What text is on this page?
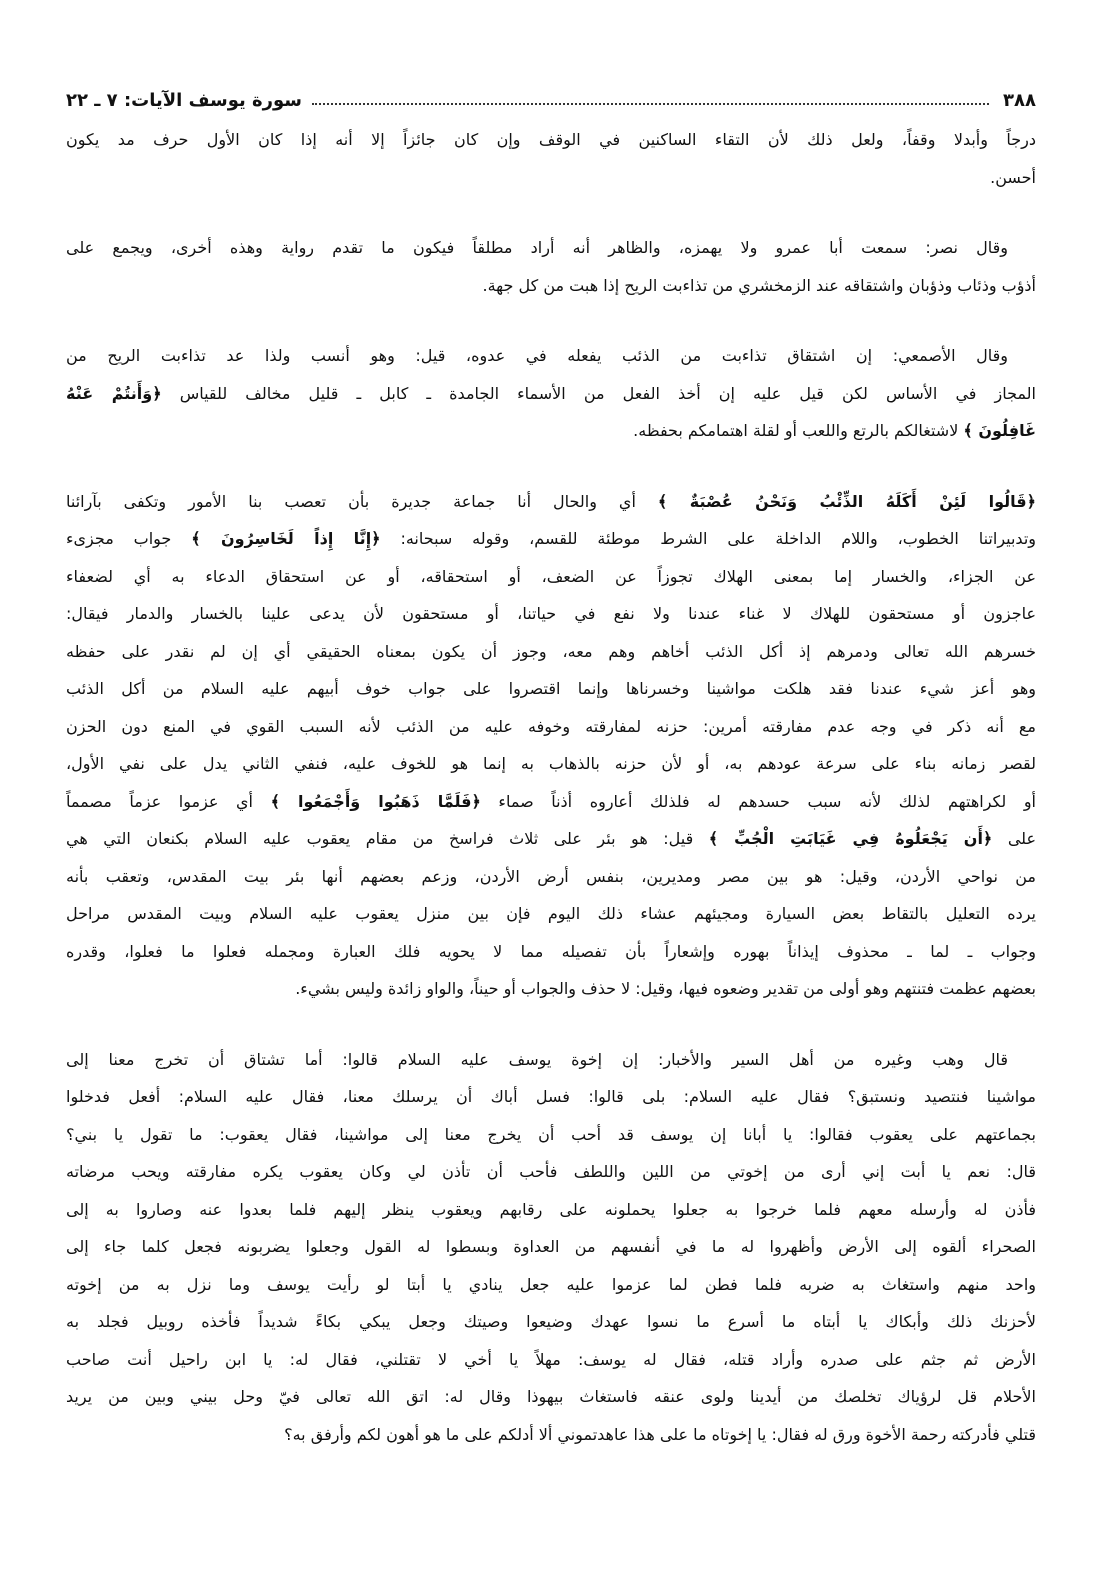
٣٨٨
سورة يوسف الآيات: ٧ ـ ٢٢
درجاً وأبدلا وقفاً، ولعل ذلك لأن التقاء الساكنين في الوقف وإن كان جائزاً إلا أنه إذا كان الأول حرف مد يكون
أحسن.
وقال نصر: سمعت أبا عمرو ولا يهمزه، والظاهر أنه أراد مطلقاً فيكون ما تقدم رواية وهذه أخرى، ويجمع على
أذؤب وذئاب وذؤبان واشتقاقه عند الزمخشري من تذاءبت الريح إذا هبت من كل جهة.
وقال الأصمعي: إن اشتقاق تذاءبت من الذئب يفعله في عدوه، قيل: وهو أنسب ولذا عد تذاءبت الريح من
المجاز في الأساس لكن قيل عليه إن أخذ الفعل من الأسماء الجامدة ـ كابل ـ قليل مخالف للقياس ﴿وَأَنتُمْ عَنْهُ
غَافِلُونَ ﴾ لاشتغالكم بالرتع واللعب أو لقلة اهتمامكم بحفظه.
﴿قَالُوا لَئِنْ أَكَلَهُ الذِّئْبُ وَنَحْنُ عُصْبَةٌ ﴾ أي والحال أنا جماعة جديرة بأن تعصب بنا الأمور وتكفى بآرائنا
وتدبيراتنا الخطوب، واللام الداخلة على الشرط موطئة للقسم، وقوله سبحانه: ﴿إِنَّا إِذاً لَخَاسِرُونَ ﴾ جواب مجزىء
عن الجزاء، والخسار إما بمعنى الهلاك تجوزاً عن الضعف، أو استحقاقه، أو عن استحقاق الدعاء به أي لضعفاء
عاجزون أو مستحقون للهلاك لا غناء عندنا ولا نفع في حياتنا، أو مستحقون لأن يدعى علينا بالخسار والدمار فيقال:
خسرهم الله تعالى ودمرهم إذ أكل الذئب أخاهم وهم معه، وجوز أن يكون بمعناه الحقيقي أي إن لم نقدر على حفظه
وهو أعز شيء عندنا فقد هلكت مواشينا وخسرناها وإنما اقتصروا على جواب خوف أبيهم عليه السلام من أكل الذئب
مع أنه ذكر في وجه عدم مفارقته أمرين: حزنه لمفارقته وخوفه عليه من الذئب لأنه السبب القوي في المنع دون الحزن
لقصر زمانه بناء على سرعة عودهم به، أو لأن حزنه بالذهاب به إنما هو للخوف عليه، فنفي الثاني يدل على نفي الأول،
أو لكراهتهم لذلك لأنه سبب حسدهم له فلذلك أعاروه أذناً صماء ﴿فَلَمَّا ذَهَبُوا وَأَجْمَعُوا ﴾ أي عزموا عزماً مصمماً
على ﴿أَن يَجْعَلُوهُ فِي غَيَابَتِ الْجُبِّ ﴾ قيل: هو بئر على ثلاث فراسخ من مقام يعقوب عليه السلام بكنعان التي هي
من نواحي الأردن، وقيل: هو بين مصر ومديرين، بنفس أرض الأردن، وزعم بعضهم أنها بئر بيت المقدس، وتعقب بأنه
يرده التعليل بالتقاط بعض السيارة ومجيئهم عشاء ذلك اليوم فإن بين منزل يعقوب عليه السلام وبيت المقدس مراحل
وجواب ـ لما ـ محذوف إيذاناً بهوره وإشعاراً بأن تفصيله مما لا يحويه فلك العبارة ومجمله فعلوا ما فعلوا، وقدره
بعضهم عظمت فتنتهم وهو أولى من تقدير وضعوه فيها، وقيل: لا حذف والجواب أو حيناً، والواو زائدة وليس بشيء.
قال وهب وغيره من أهل السير والأخبار: إن إخوة يوسف عليه السلام قالوا: أما تشتاق أن تخرج معنا إلى
مواشينا فنتصيد ونستبق؟ فقال عليه السلام: بلى قالوا: فسل أباك أن يرسلك معنا، فقال عليه السلام: أفعل فدخلوا
بجماعتهم على يعقوب فقالوا: يا أبانا إن يوسف قد أحب أن يخرج معنا إلى مواشينا، فقال يعقوب: ما تقول يا بني؟
قال: نعم يا أبت إني أرى من إخوتي من اللين واللطف فأحب أن تأذن لي وكان يعقوب يكره مفارقته ويحب مرضاته
فأذن له وأرسله معهم فلما خرجوا به جعلوا يحملونه على رقابهم ويعقوب ينظر إليهم فلما بعدوا عنه وصاروا به إلى
الصحراء ألقوه إلى الأرض وأظهروا له ما في أنفسهم من العداوة وبسطوا له القول وجعلوا يضربونه فجعل كلما جاء إلى
واحد منهم واستغاث به ضربه فلما فطن لما عزموا عليه جعل ينادي يا أبتا لو رأيت يوسف وما نزل به من إخوته
لأحزنك ذلك وأبكاك يا أبتاه ما أسرع ما نسوا عهدك وضيعوا وصيتك وجعل يبكي بكاءً شديداً فأخذه روبيل فجلد به
الأرض ثم جثم على صدره وأراد قتله، فقال له يوسف: مهلاً يا أخي لا تقتلني، فقال له: يا ابن راحيل أنت صاحب
الأحلام قل لرؤياك تخلصك من أيدينا ولوى عنقه فاستغاث بيهوذا وقال له: اتق الله تعالى فيّ وحل بيني وبين من يريد
قتلي فأدركته رحمة الأخوة ورق له فقال: يا إخوتاه ما على هذا عاهدتموني ألا أدلكم على ما هو أهون لكم وأرفق به؟
